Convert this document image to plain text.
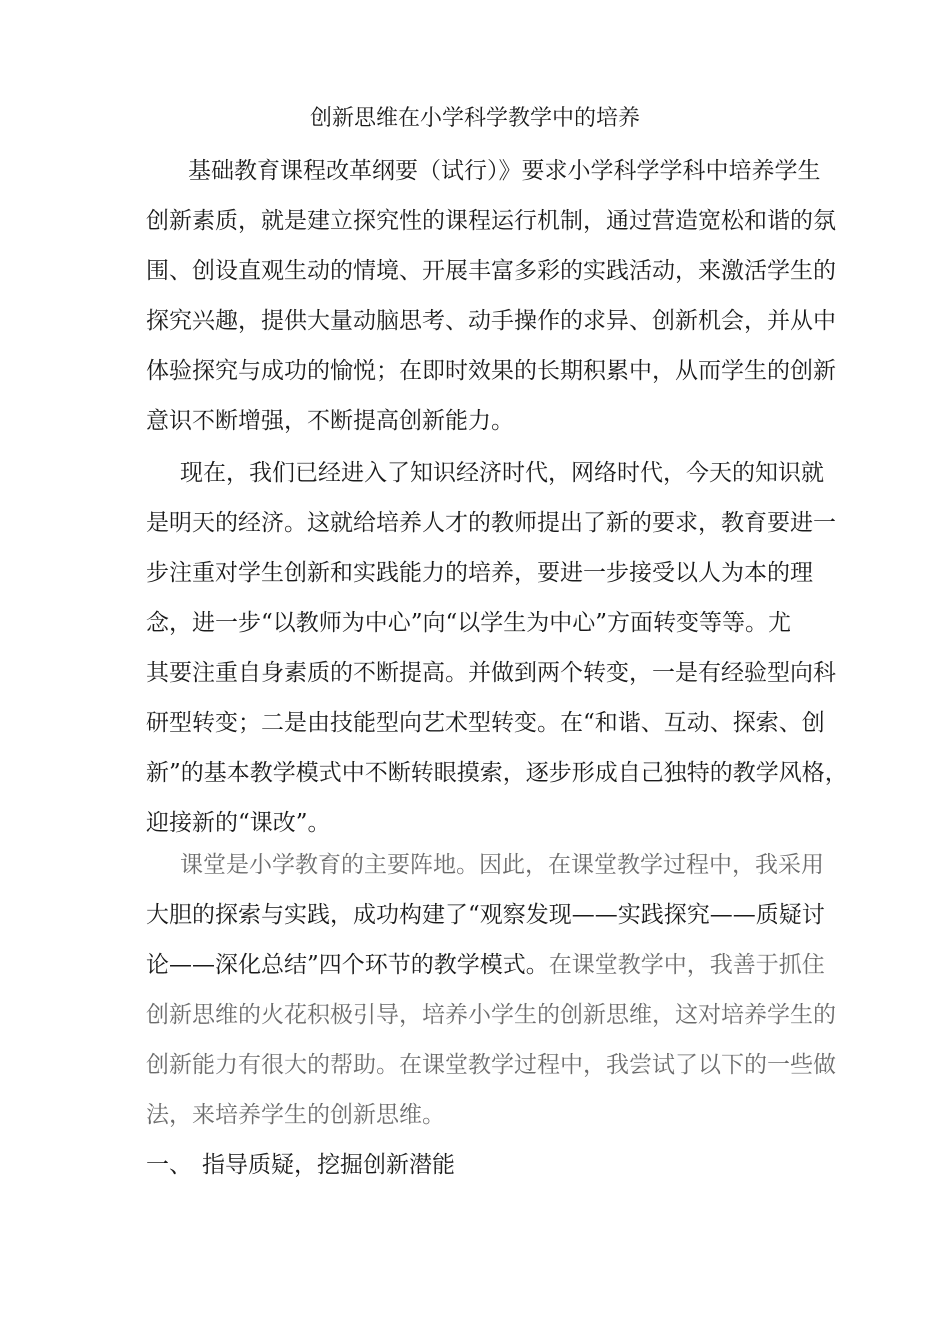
创新思维在小学科学教学中的培养
基础教育课程改革纲要（试行）》要求小学科学学科中培养学生
创新素质，就是建立探究性的课程运行机制，通过营造宽松和谐的氛
围、创设直观生动的情境、开展丰富多彩的实践活动，来激活学生的
探究兴趣，提供大量动脑思考、动手操作的求异、创新机会，并从中
体验探究与成功的愉悦；在即时效果的长期积累中，从而学生的创新
意识不断增强，不断提高创新能力。
现在，我们已经进入了知识经济时代，网络时代，今天的知识就
是明天的经济。这就给培养人才的教师提出了新的要求，教育要进一
步注重对学生创新和实践能力的培养，要进一步接受以人为本的理
念，进一步“以教师为中心”向“以学生为中心”方面转变等等。尤
其要注重自身素质的不断提高。并做到两个转变，一是有经验型向科
研型转变；二是由技能型向艺术型转变。在“和谐、互动、探索、创
新”的基本教学模式中不断转眼摸索，逐步形成自己独特的教学风格，
迎接新的“课改”。
课堂是小学教育的主要阵地。因此，在课堂教学过程中，我采用
大胆的探索与实践，成功构建了“观察发现——实践探究——质疑讨
论——深化总结”四个环节的教学模式。在课堂教学中，我善于抓住
创新思维的火花积极引导，培养小学生的创新思维，这对培养学生的
创新能力有很大的帮助。在课堂教学过程中，我尝试了以下的一些做
法，来培养学生的创新思维。
一、 指导质疑，挖掘创新潜能
